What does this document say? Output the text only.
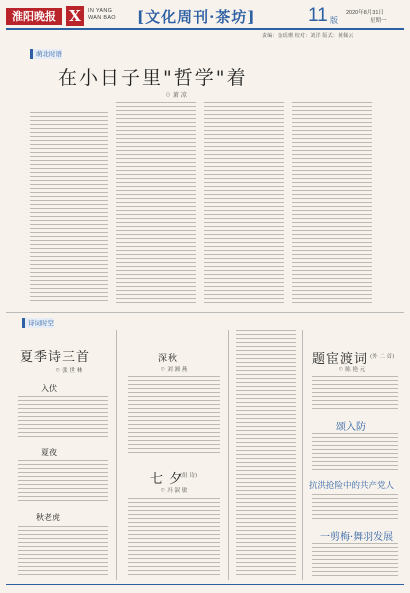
淮阳晚报 X	IN YANG
WAN BAO [文化周刊·茶坊]	11 版
2020年8月31日
星期一
责编：金瑶珊 校对：刘洋 版式：黄佩云
萌北时语
在小日子里"哲学"着
☉ 萧 凉
诗词时空
夏季诗三首
☉ 张 世 林
入伏
夏夜
秋老虎
深秋
☉ 刘 湘 燕
七 夕
(组 诗)
☉ 冯 淑 敏
题宦渡词 (外 二 首)
☉ 陈 艳 元
颂入防
抗洪抢险中的共产党人
一剪梅·舞羽发展
